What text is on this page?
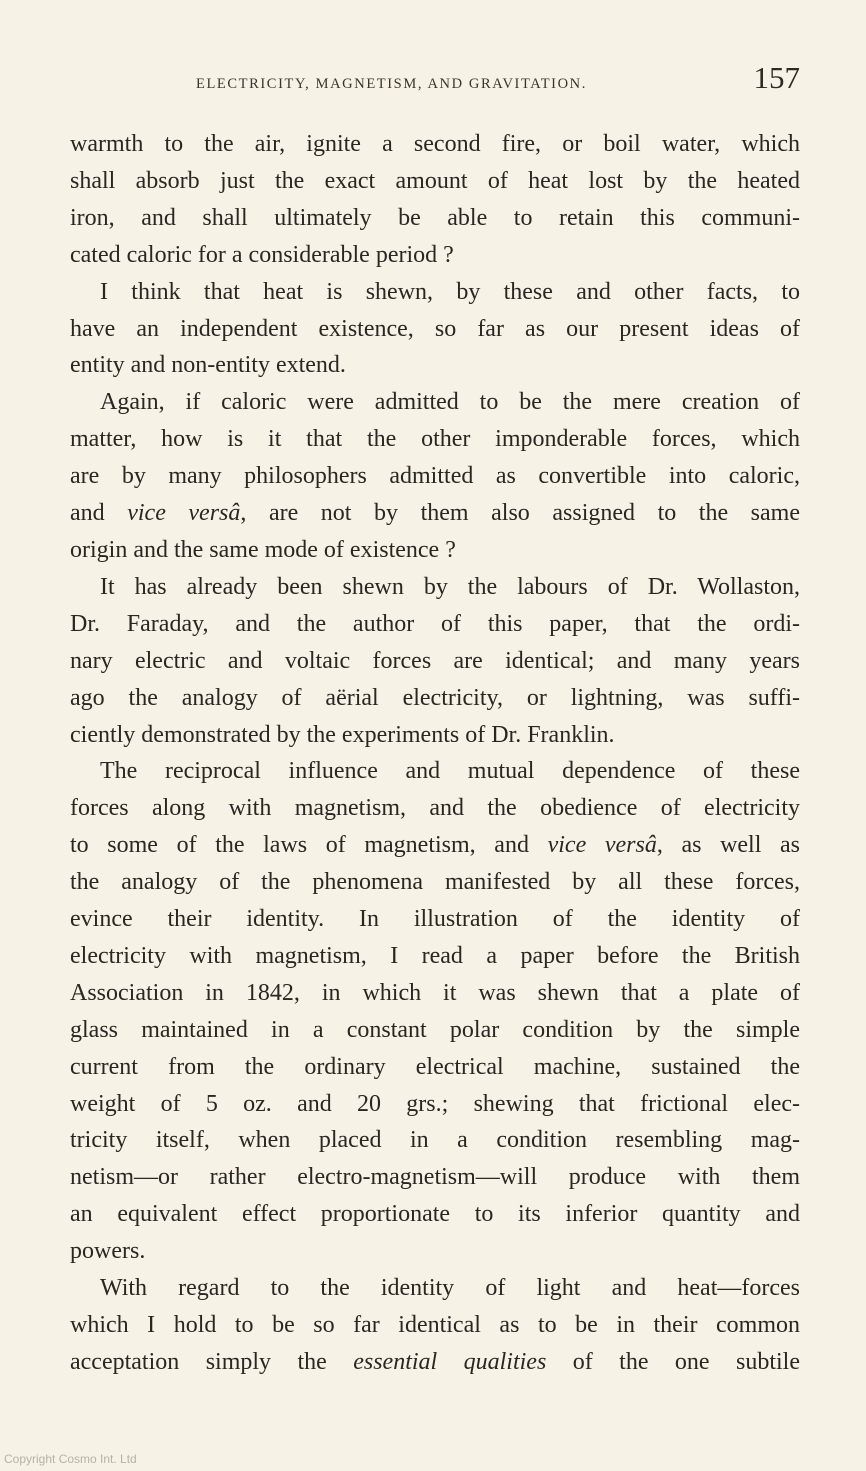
ELECTRICITY, MAGNETISM, AND GRAVITATION.	157

warmth to the air, ignite a second fire, or boil water, which
shall absorb just the exact amount of heat lost by the heated
iron, and shall ultimately be able to retain this communi-
cated caloric for a considerable period ?

I think that heat is shewn, by these and other facts, to
have an independent existence, so far as our present ideas of
entity and non-entity extend.

Again, if caloric were admitted to be the mere creation of
matter, how is it that the other imponderable forces, which
are by many philosophers admitted as convertible into caloric,
and vice versâ, are not by them also assigned to the same
origin and the same mode of existence ?

It has already been shewn by the labours of Dr. Wollaston,
Dr. Faraday, and the author of this paper, that the ordi-
nary electric and voltaic forces are identical; and many years
ago the analogy of aërial electricity, or lightning, was suffi-
ciently demonstrated by the experiments of Dr. Franklin.

The reciprocal influence and mutual dependence of these
forces along with magnetism, and the obedience of electricity
to some of the laws of magnetism, and vice versâ, as well as
the analogy of the phenomena manifested by all these forces,
evince their identity. In illustration of the identity of
electricity with magnetism, I read a paper before the British
Association in 1842, in which it was shewn that a plate of
glass maintained in a constant polar condition by the simple
current from the ordinary electrical machine, sustained the
weight of 5 oz. and 20 grs.; shewing that frictional elec-
tricity itself, when placed in a condition resembling mag-
netism—or rather electro-magnetism—will produce with them
an equivalent effect proportionate to its inferior quantity and
powers.

With regard to the identity of light and heat—forces
which I hold to be so far identical as to be in their common
acceptation simply the essential qualities of the one subtile

Copyright Cosmo Int. Ltd
